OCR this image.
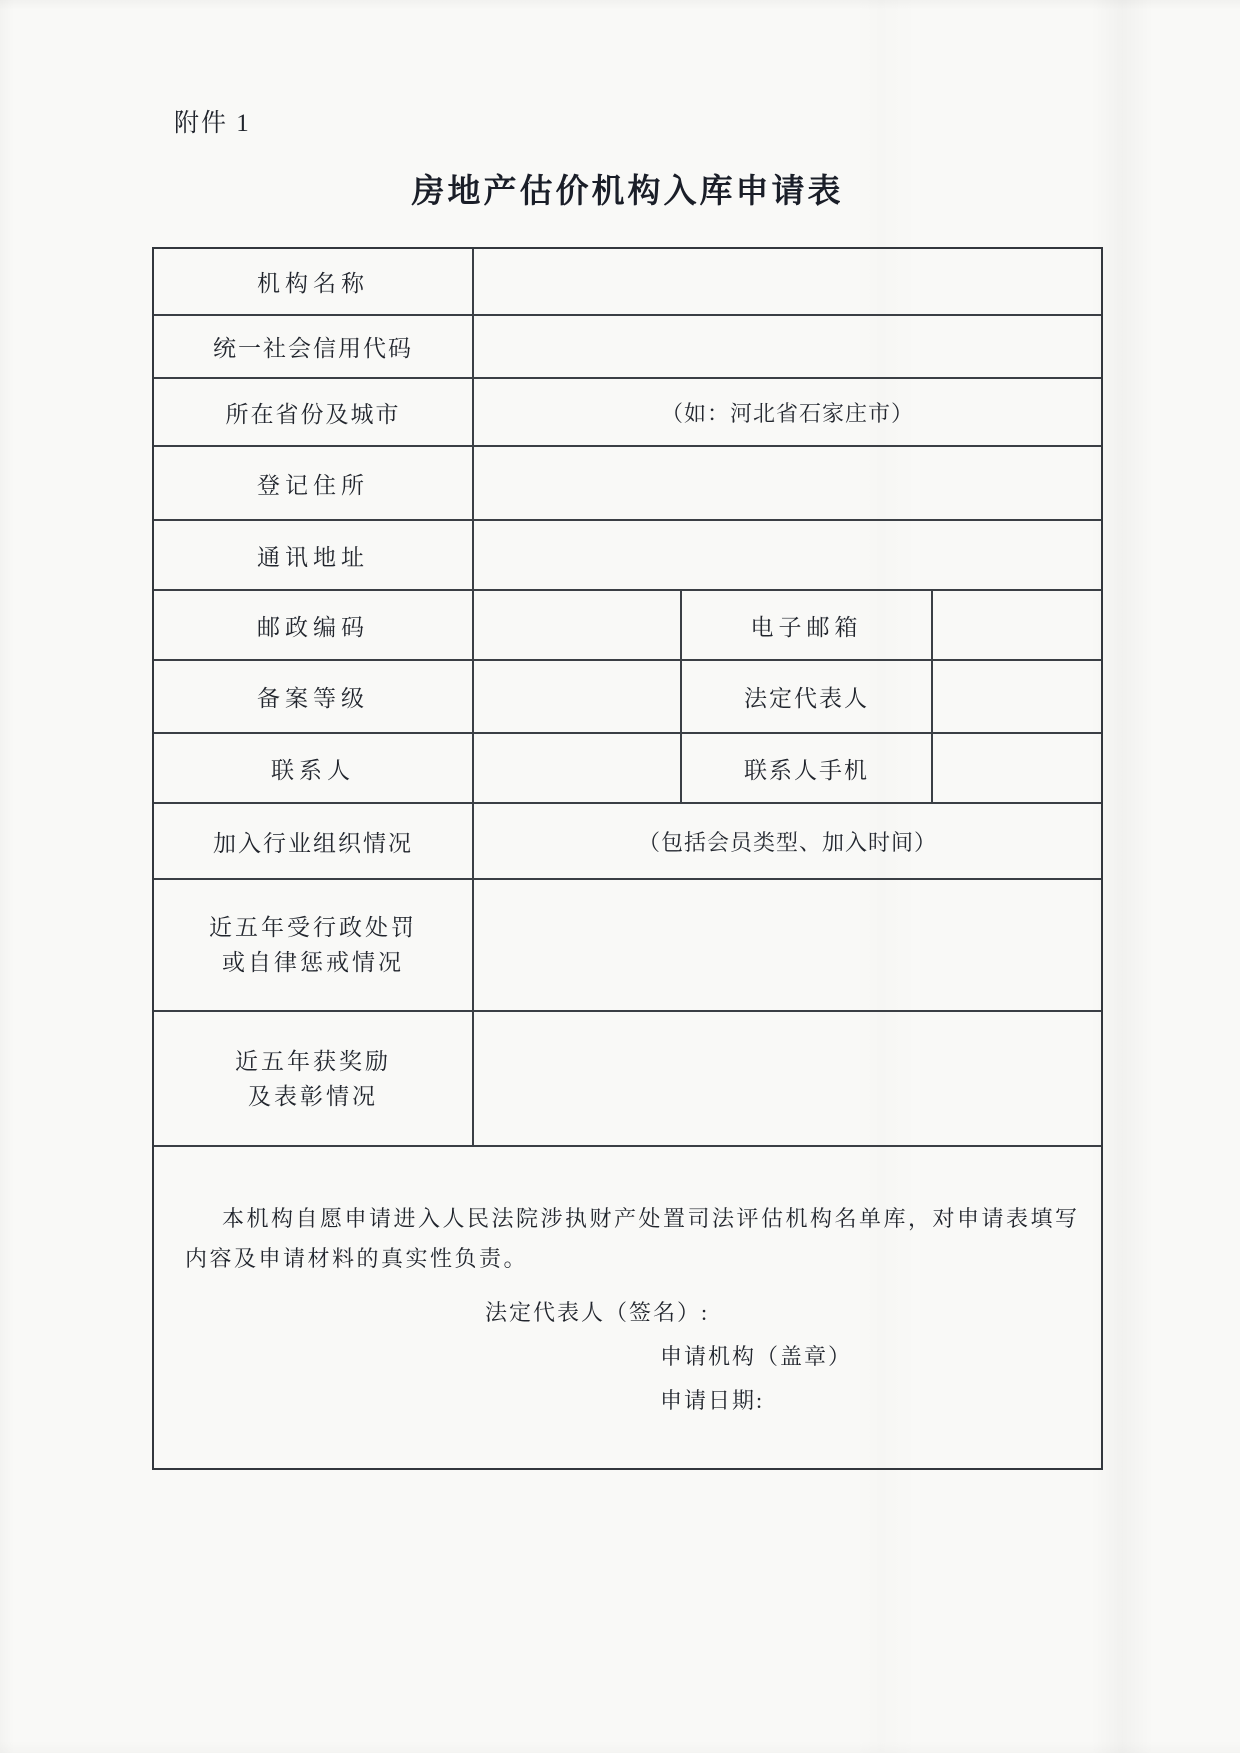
附件 1
房地产估价机构入库申请表
机构名称
统一社会信用代码
所在省份及城市	（如：河北省石家庄市）
登记住所
通讯地址
邮政编码	电子邮箱
备案等级	法定代表人
联系人	联系人手机
加入行业组织情况	（包括会员类型、加入时间）
近五年受行政处罚
或自律惩戒情况
近五年获奖励
及表彰情况
本机构自愿申请进入人民法院涉执财产处置司法评估机构名单库，对申请表填写
内容及申请材料的真实性负责。
法定代表人（签名）:
申请机构（盖章）
申请日期:
